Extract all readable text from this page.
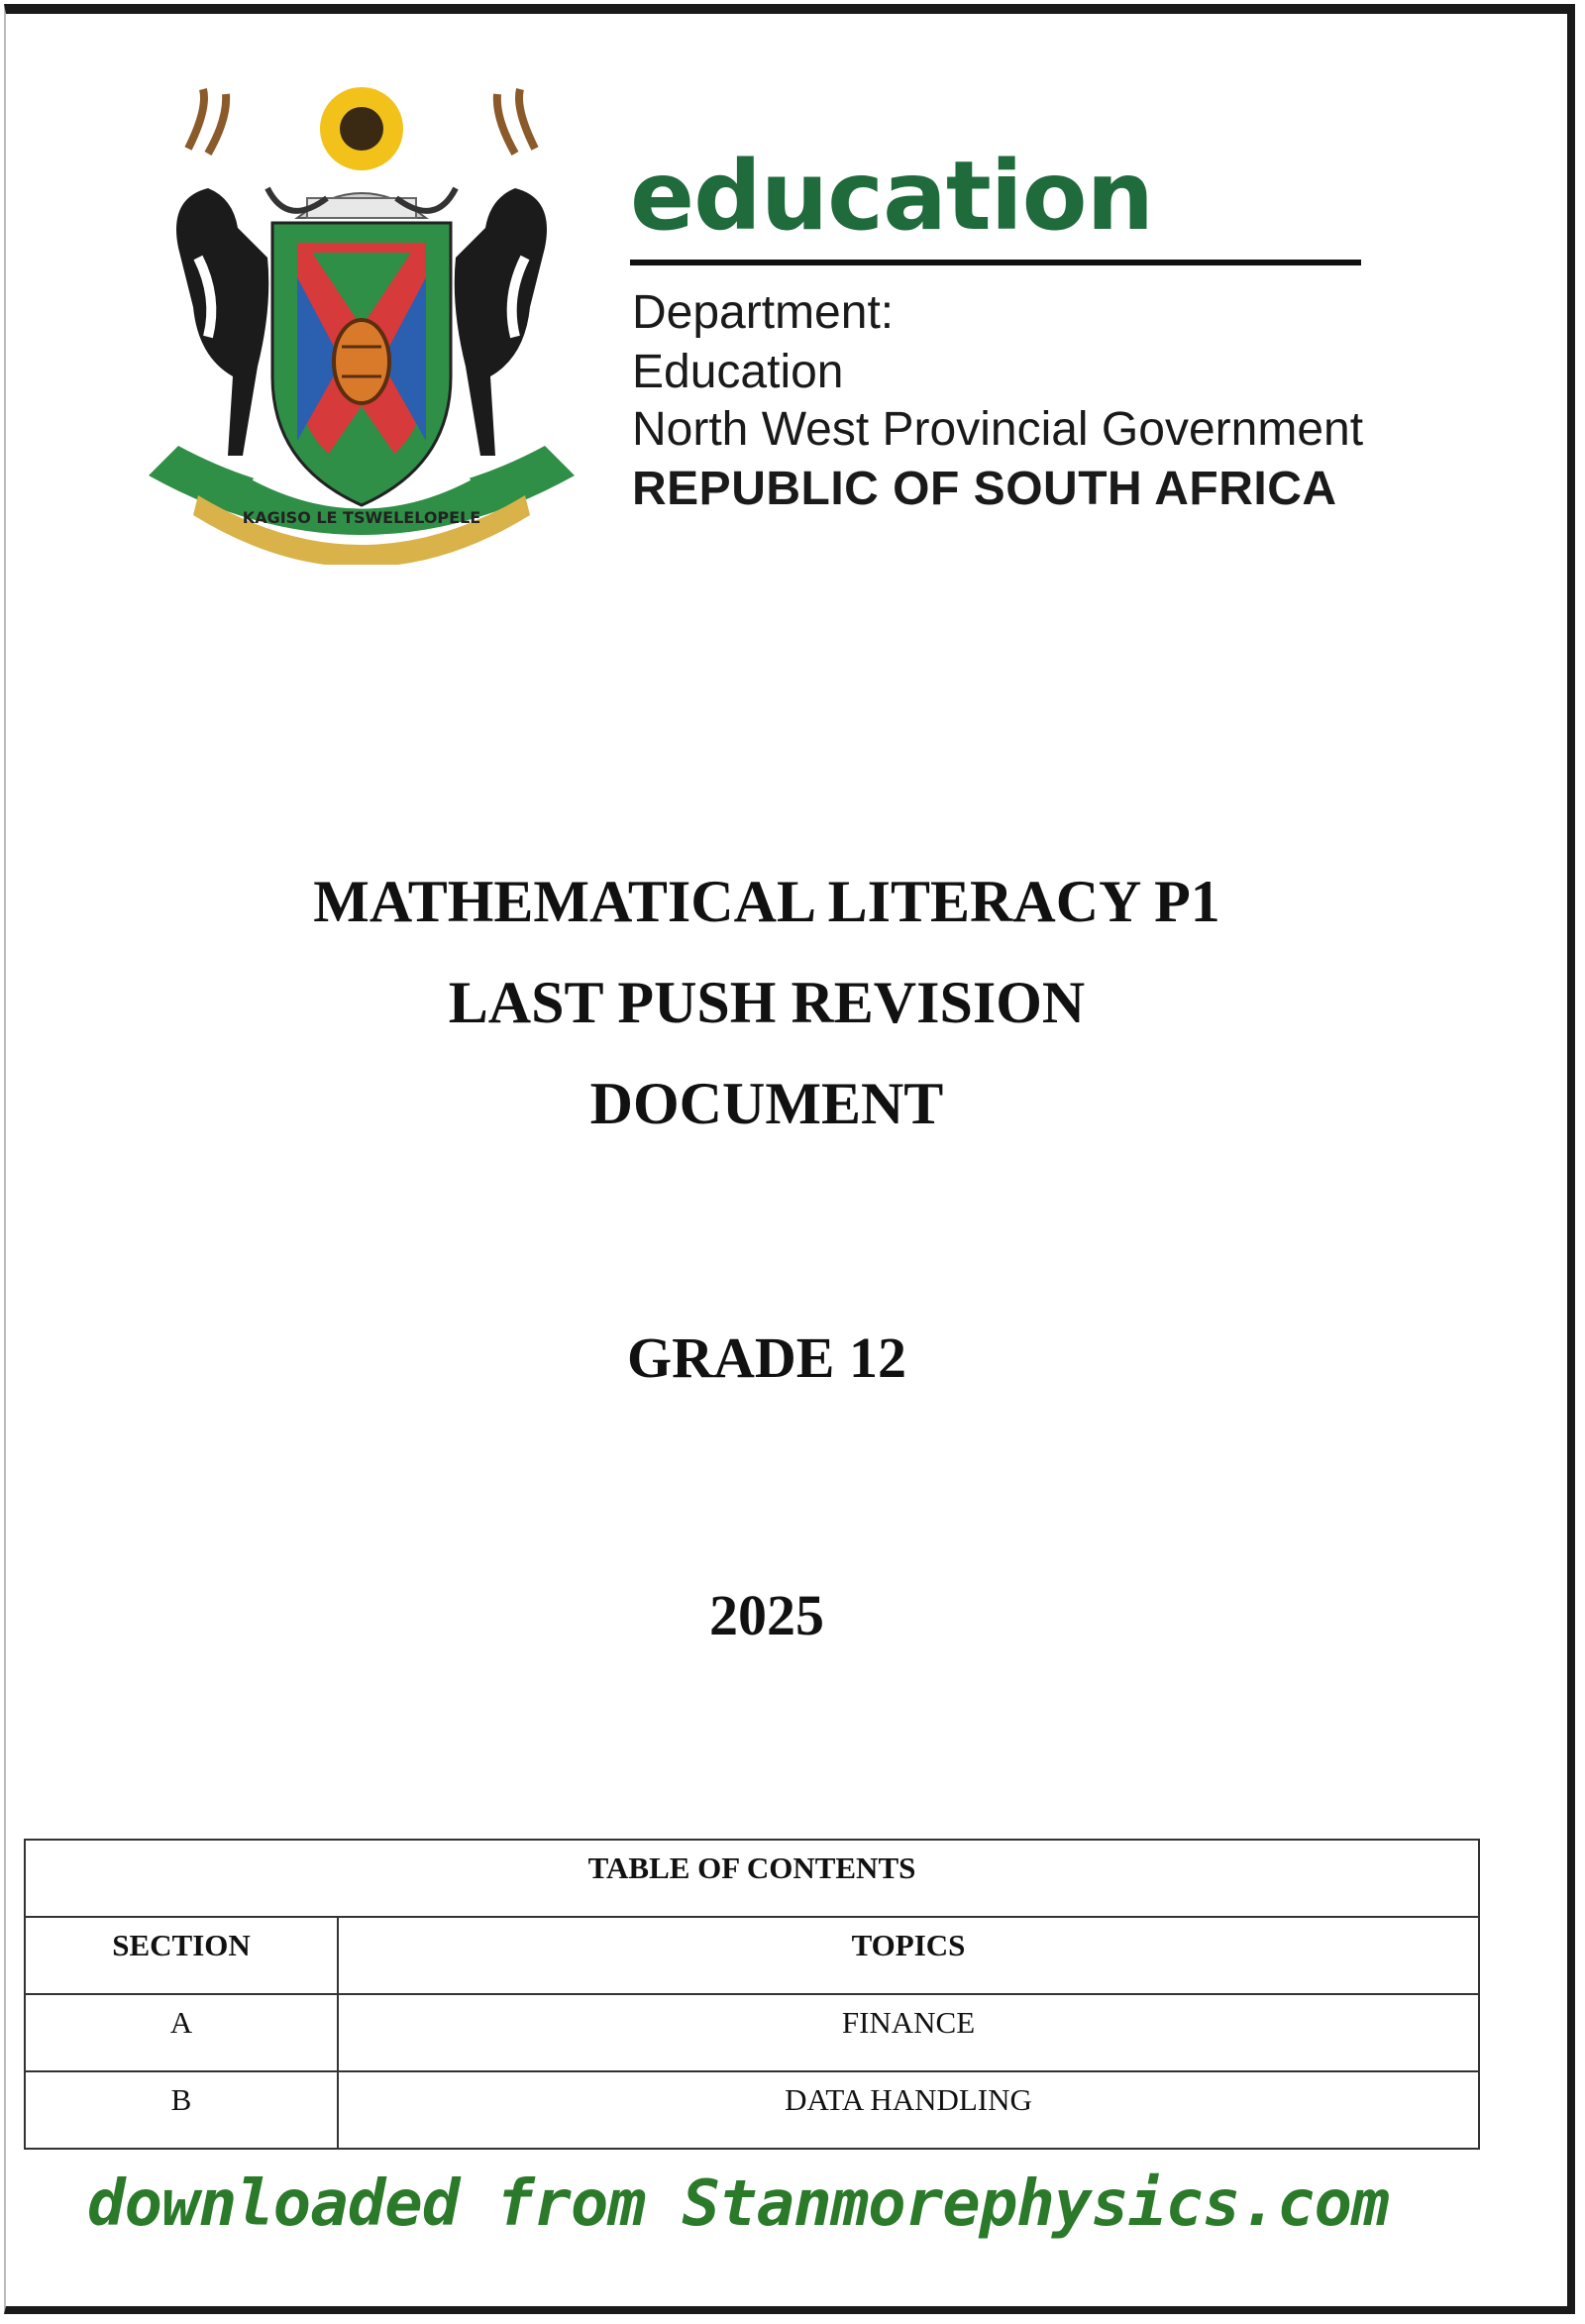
KAGISO LE TSWELELOPELE
education
Department:
Education
North West Provincial Government
REPUBLIC OF SOUTH AFRICA
MATHEMATICAL LITERACY P1
LAST PUSH REVISION
DOCUMENT
GRADE 12
2025
TABLE OF CONTENTS	
SECTION	TOPICS
A	FINANCE
B	DATA HANDLING
downloaded from Stanmorephysics.com
